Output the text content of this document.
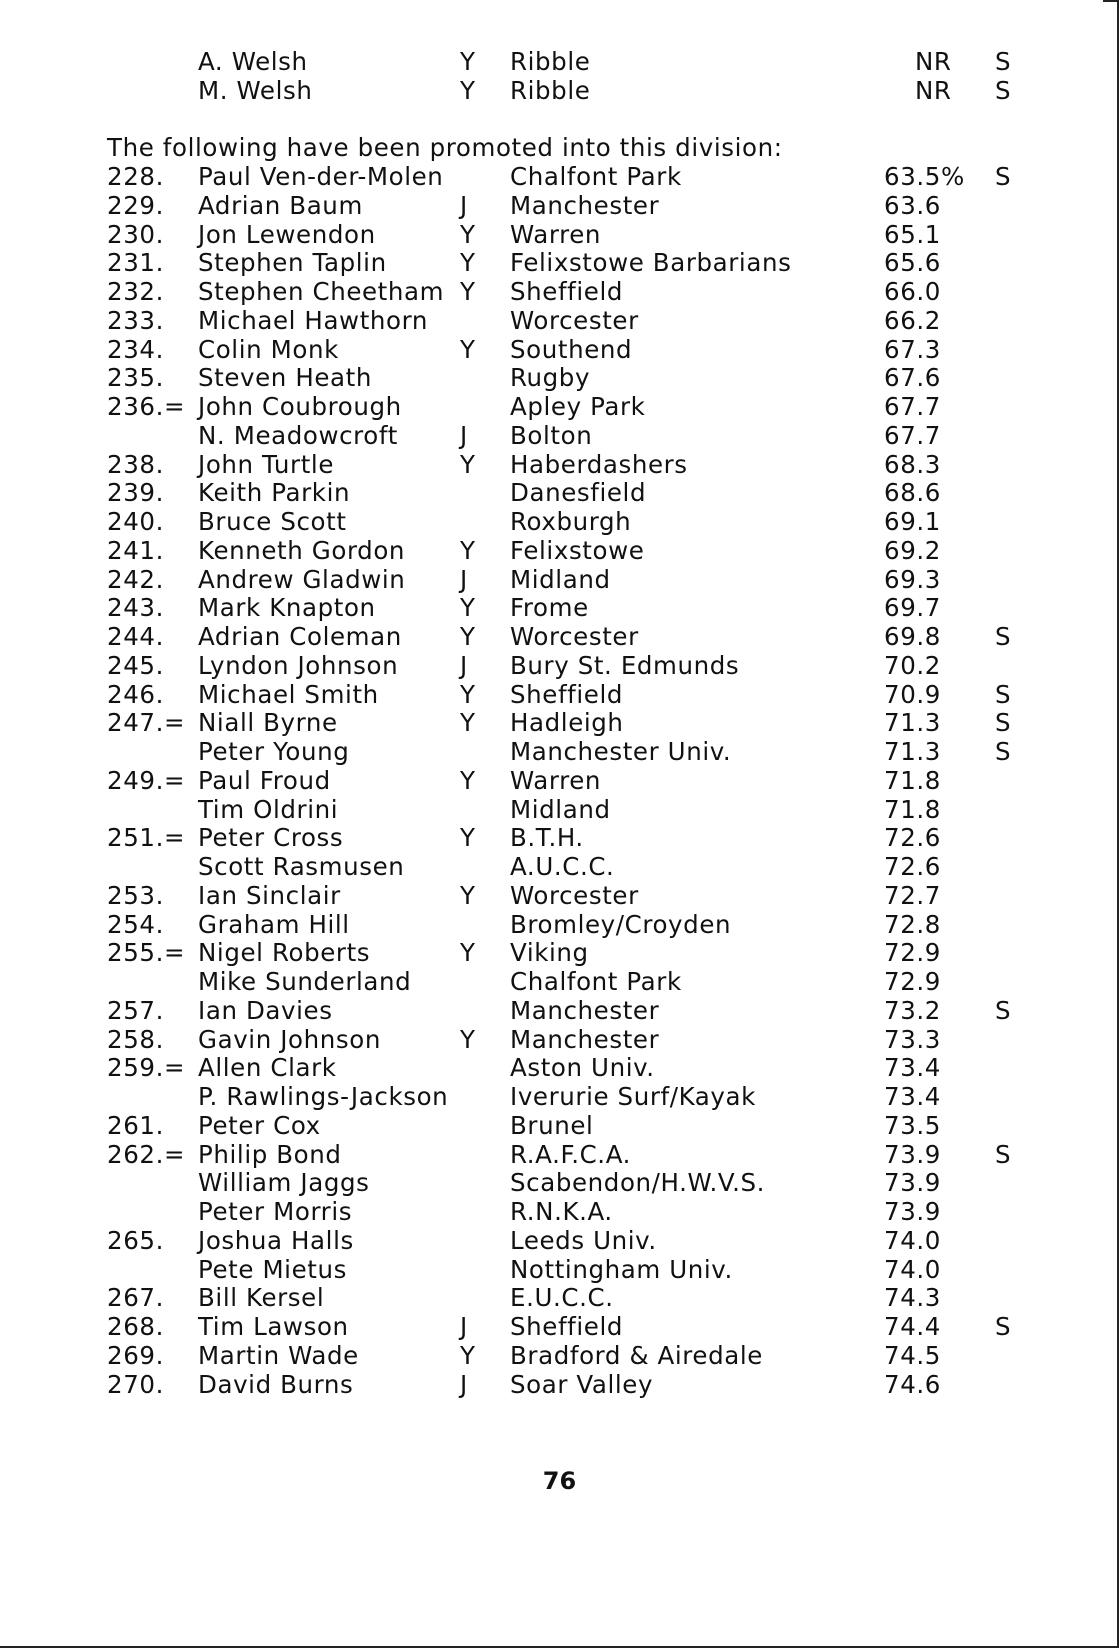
A. Welsh	Y Ribble	NR S
M. Welsh	Y Ribble	NR S
The following have been promoted into this division:
228. Paul Ven-der-Molen	Chalfont Park	63.5% S
229. Adrian Baum	J Manchester	63.6
230. Jon Lewendon	Y Warren	65.1
231. Stephen Taplin	Y Felixstowe Barbarians	65.6
232. Stephen Cheetham Y Sheffield	66.0
233. Michael Hawthorn	Worcester	66.2
234. Colin Monk	Y Southend	67.3
235. Steven Heath	Rugby	67.6
236.= John Coubrough	Apley Park	67.7
N. Meadowcroft	J Bolton	67.7
238. John Turtle	Y Haberdashers	68.3
239. Keith Parkin	Danesfield	68.6
240. Bruce Scott	Roxburgh	69.1
241. Kenneth Gordon Y Felixstowe	69.2
242. Andrew Gladwin J Midland	69.3
243. Mark Knapton	Y Frome	69.7
244. Adrian Coleman Y Worcester	69.8 S
245. Lyndon Johnson	J Bury St. Edmunds	70.2
246. Michael Smith	Y Sheffield	70.9 S
247.= Niall Byrne	Y Hadleigh	71.3 S
Peter Young	Manchester Univ.	71.3 S
249.= Paul Froud	Y Warren	71.8
Tim Oldrini	Midland	71.8
251.= Peter Cross	Y B.T.H.	72.6
Scott Rasmusen	A.U.C.C.	72.6
253. Ian Sinclair	Y Worcester	72.7
254. Graham Hill	Bromley/Croyden	72.8
255.= Nigel Roberts	Y Viking	72.9
Mike Sunderland	Chalfont Park	72.9
257. Ian Davies	Manchester	73.2 S
258. Gavin Johnson	Y Manchester	73.3
259.= Allen Clark	Aston Univ.	73.4
P. Rawlings-Jackson	Iverurie Surf/Kayak	73.4
261. Peter Cox	Brunel	73.5
262.= Philip Bond	R.A.F.C.A.	73.9 S
William Jaggs	Scabendon/H.W.V.S.	73.9
Peter Morris	R.N.K.A.	73.9
265. Joshua Halls	Leeds Univ.	74.0
Pete Mietus	Nottingham Univ.	74.0
267. Bill Kersel	E.U.C.C.	74.3
268. Tim Lawson	J Sheffield	74.4 S
269. Martin Wade	Y Bradford & Airedale	74.5
270. David Burns	J Soar Valley	74.6
76
